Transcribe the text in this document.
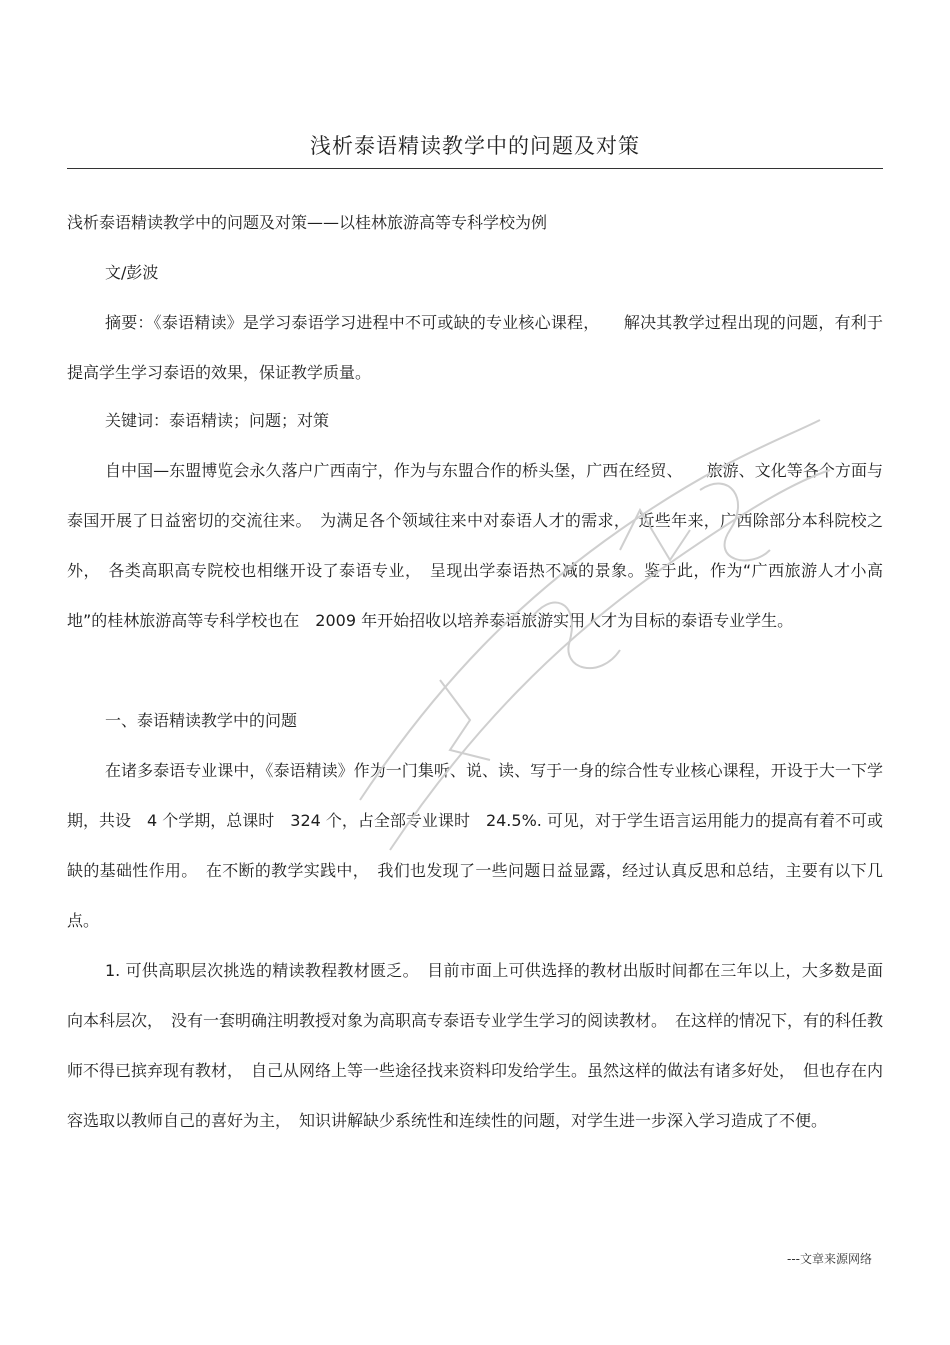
浅析泰语精读教学中的问题及对策
浅析泰语精读教学中的问题及对策——以桂林旅游高等专科学校为例
文/彭波
摘要：《泰语精读》是学习泰语学习进程中不可或缺的专业核心课程，　　解决其教学过程出现的问题，有利于提高学生学习泰语的效果，保证教学质量。
关键词：泰语精读；问题；对策
自中国—东盟博览会永久落户广西南宁，作为与东盟合作的桥头堡，广西在经贸、　　旅游、文化等各个方面与泰国开展了日益密切的交流往来。　为满足各个领域往来中对泰语人才的需求，　近些年来，广西除部分本科院校之外，　各类高职高专院校也相继开设了泰语专业，　呈现出学泰语热不减的景象。鉴于此，作为“广西旅游人才小高地”的桂林旅游高等专科学校也在　2009 年开始招收以培养泰语旅游实用人才为目标的泰语专业学生。
一、泰语精读教学中的问题
在诸多泰语专业课中，《泰语精读》作为一门集听、说、读、写于一身的综合性专业核心课程，开设于大一下学期，共设　4 个学期，总课时　324 个，占全部专业课时　24.5%. 可见，对于学生语言运用能力的提高有着不可或缺的基础性作用。　在不断的教学实践中，　我们也发现了一些问题日益显露，经过认真反思和总结，主要有以下几点。
1. 可供高职层次挑选的精读教程教材匮乏。　目前市面上可供选择的教材出版时间都在三年以上，大多数是面向本科层次，　没有一套明确注明教授对象为高职高专泰语专业学生学习的阅读教材。　在这样的情况下，有的科任教师不得已摈弃现有教材，　自己从网络上等一些途径找来资料印发给学生。虽然这样的做法有诸多好处，　但也存在内容选取以教师自己的喜好为主，　知识讲解缺少系统性和连续性的问题，对学生进一步深入学习造成了不便。
---文章来源网络
